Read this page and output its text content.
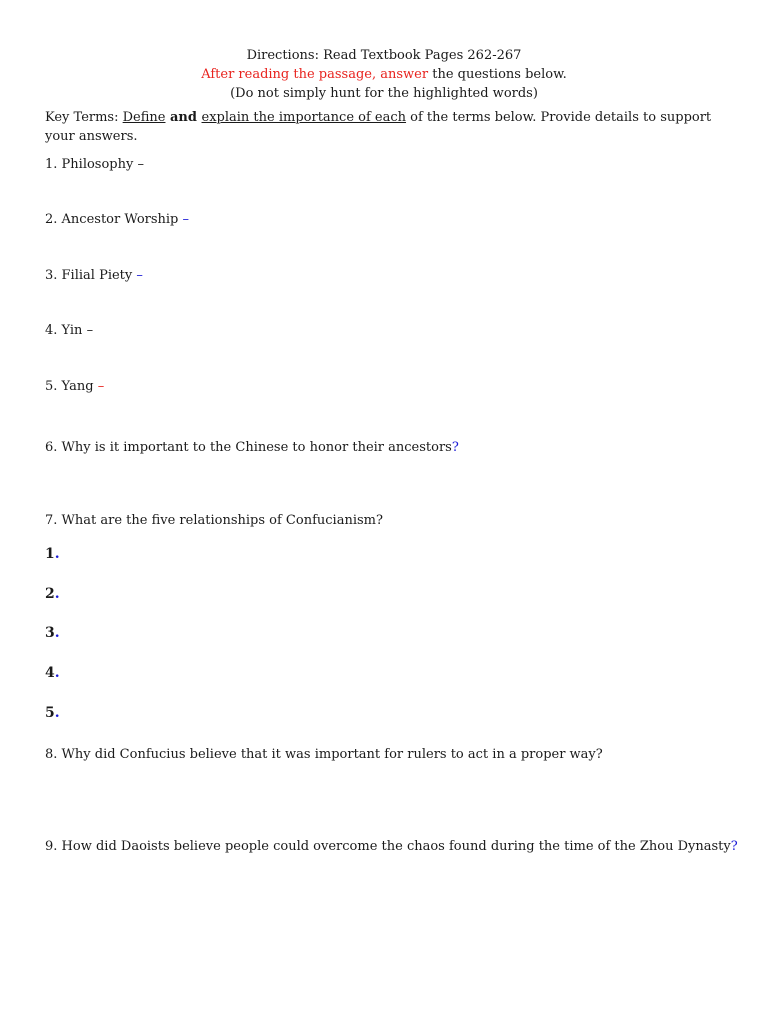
Directions: Read Textbook Pages 262-267
After reading the passage, answer the questions below.
(Do not simply hunt for the highlighted words)
Key Terms: Define and explain the importance of each of the terms below. Provide details to support
your answers.
1. Philosophy –
2. Ancestor Worship –
3. Filial Piety –
4. Yin –
5. Yang –
6. Why is it important to the Chinese to honor their ancestors?
7. What are the five relationships of Confucianism?
1.
2.
3.
4.
5.
8. Why did Confucius believe that it was important for rulers to act in a proper way?
9. How did Daoists believe people could overcome the chaos found during the time of the Zhou Dynasty?
